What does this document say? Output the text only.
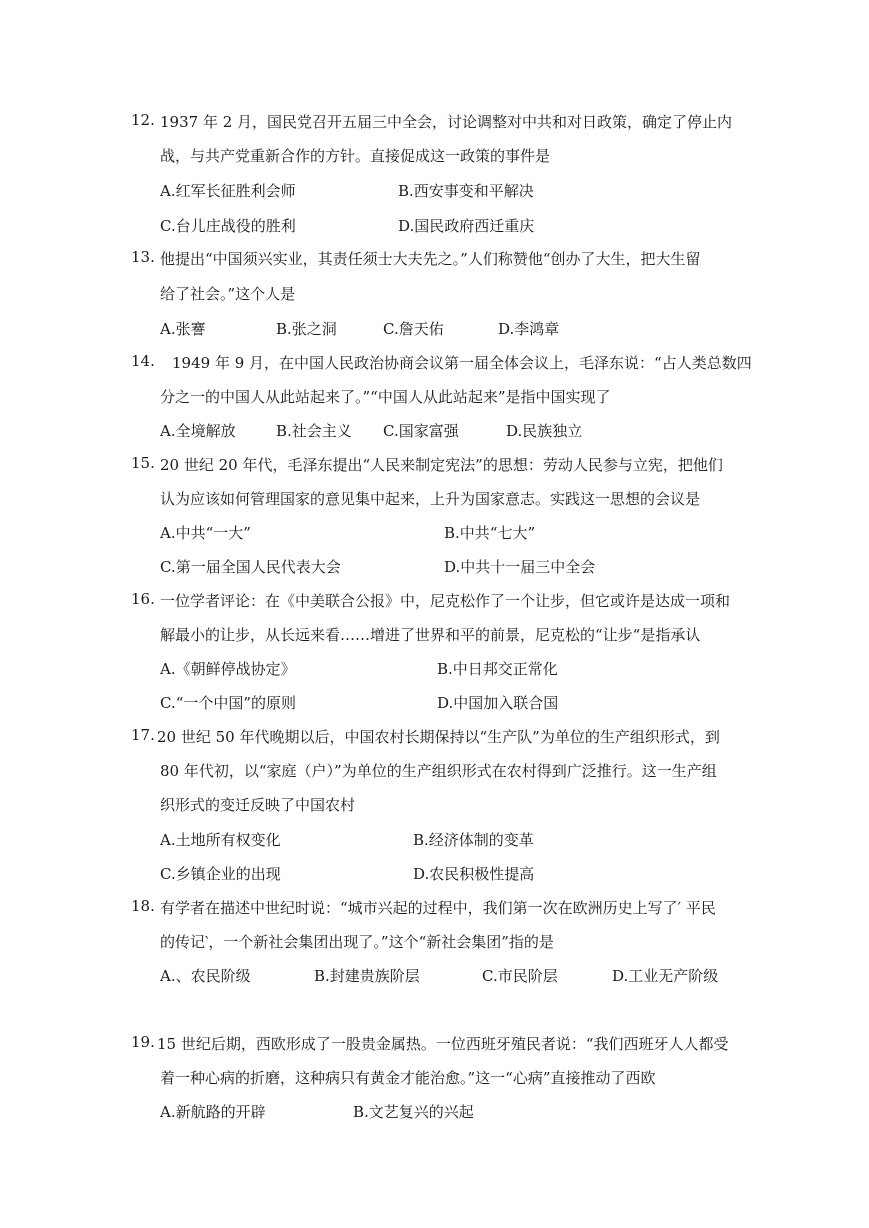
12. 1937 年 2 月，国民党召开五届三中全会，讨论调整对中共和对日政策，确定了停止内
战，与共产党重新合作的方针。直接促成这一政策的事件是
A.红军长征胜利会师	B.西安事变和平解决
C.台儿庄战役的胜利	D.国民政府西迁重庆
13. 他提出“中国须兴实业，其责任须士大夫先之。”人们称赞他“创办了大生，把大生留
给了社会。”这个人是
A.张謇	B.张之洞	C.詹天佑	D.李鸿章
14. 1949 年 9 月，在中国人民政治协商会议第一届全体会议上，毛泽东说：“占人类总数四
分之一的中国人从此站起来了。”“中国人从此站起来”是指中国实现了
A.全境解放	B.社会主义 C.国家富强	D.民族独立
15. 20 世纪 20 年代，毛泽东提出“人民来制定宪法”的思想：劳动人民参与立宪，把他们
认为应该如何管理国家的意见集中起来，上升为国家意志。实践这一思想的会议是
A.中共“一大”	B.中共“七大”
C.第一届全国人民代表大会	D.中共十一届三中全会
16. 一位学者评论：在《中美联合公报》中，尼克松作了一个让步，但它或许是达成一项和
解最小的让步，从长远来看……增进了世界和平的前景，尼克松的“让步“是指承认
A.《朝鲜停战协定》	B.中日邦交正常化
C.“一个中国”的原则	D.中国加入联合国
17. 20 世纪 50 年代晚期以后，中国农村长期保持以“生产队”为单位的生产组织形式，到
80 年代初，以“家庭（户）”为单位的生产组织形式在农村得到广泛推行。这一生产组
织形式的变迁反映了中国农村
A.土地所有权变化	B.经济体制的变革
C.乡镇企业的出现	D.农民积极性提高
18. 有学者在描述中世纪时说：“城市兴起的过程中，我们第一次在欧洲历史上写了′ 平民
的传记‵，一个新社会集团出现了。”这个“新社会集团”指的是
A.、农民阶级	B.封建贵族阶层	C.市民阶层	D.工业无产阶级
19. 15 世纪后期，西欧形成了一股贵金属热。一位西班牙殖民者说：“我们西班牙人人都受
着一种心病的折磨，这种病只有黄金才能治愈。”这一“心病”直接推动了西欧
A.新航路的开辟	B.文艺复兴的兴起
